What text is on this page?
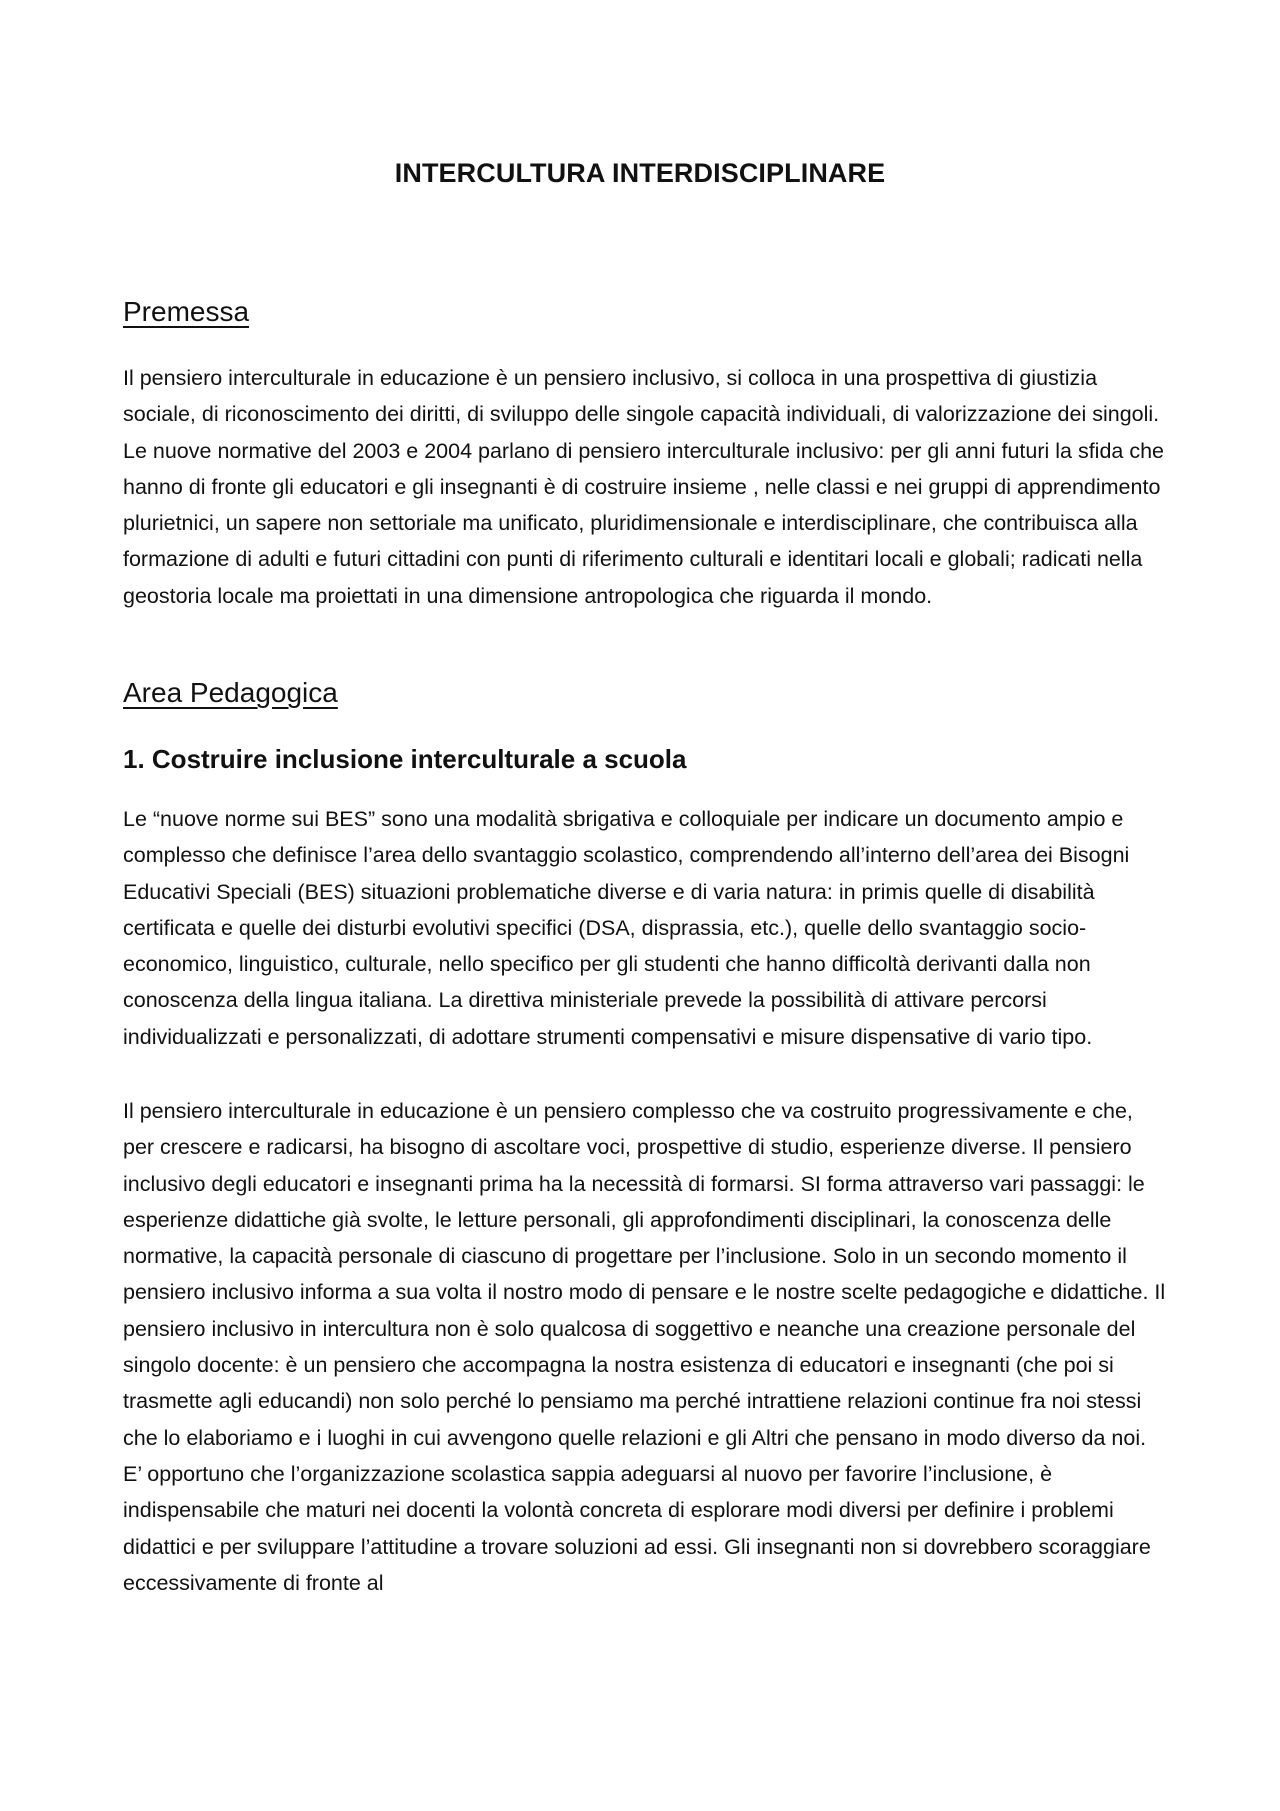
INTERCULTURA INTERDISCIPLINARE
Premessa

Il pensiero interculturale in educazione è un pensiero inclusivo, si colloca in una prospettiva di giustizia sociale, di riconoscimento dei diritti, di sviluppo delle singole capacità individuali, di valorizzazione dei singoli. Le nuove normative del 2003 e 2004 parlano di pensiero interculturale inclusivo: per gli anni futuri la sfida che hanno di fronte gli educatori e gli insegnanti è di costruire insieme , nelle classi e nei gruppi di apprendimento plurietnici, un sapere non settoriale ma unificato, pluridimensionale e interdisciplinare, che contribuisca alla formazione di adulti e futuri cittadini con punti di riferimento culturali e identitari locali e globali; radicati nella geostoria locale ma proiettati in una dimensione antropologica che riguarda il mondo.

Area Pedagogica
1. Costruire inclusione interculturale a scuola

Le “nuove norme sui BES” sono una modalità sbrigativa e colloquiale per indicare un documento ampio e complesso che definisce l’area dello svantaggio scolastico, comprendendo all’interno dell’area dei Bisogni Educativi Speciali (BES) situazioni problematiche diverse e di varia natura: in primis quelle di disabilità certificata e quelle dei disturbi evolutivi specifici (DSA, disprassia, etc.), quelle dello svantaggio socio-economico, linguistico, culturale, nello specifico per gli studenti che hanno difficoltà derivanti dalla non conoscenza della lingua italiana. La direttiva ministeriale prevede la possibilità di attivare percorsi individualizzati e personalizzati, di adottare strumenti compensativi e misure dispensative di vario tipo.

Il pensiero interculturale in educazione è un pensiero complesso che va costruito progressivamente e che, per crescere e radicarsi, ha bisogno di ascoltare voci, prospettive di studio, esperienze diverse. Il pensiero inclusivo degli educatori e insegnanti prima ha la necessità di formarsi. SI forma attraverso vari passaggi: le esperienze didattiche già svolte, le letture personali, gli approfondimenti disciplinari, la conoscenza delle normative, la capacità personale di ciascuno di progettare per l’inclusione. Solo in un secondo momento il pensiero inclusivo informa a sua volta il nostro modo di pensare e le nostre scelte pedagogiche e didattiche. Il pensiero inclusivo in intercultura non è solo qualcosa di soggettivo e neanche una creazione personale del singolo docente: è un pensiero che accompagna la nostra esistenza di educatori e insegnanti (che poi si trasmette agli educandi) non solo perché lo pensiamo ma perché intrattiene relazioni continue fra noi stessi che lo elaboriamo e i luoghi in cui avvengono quelle relazioni e gli Altri che pensano in modo diverso da noi. E’ opportuno che l’organizzazione scolastica sappia adeguarsi al nuovo per favorire l’inclusione, è indispensabile che maturi nei docenti la volontà concreta di esplorare modi diversi per definire i problemi didattici e per sviluppare l’attitudine a trovare soluzioni ad essi. Gli insegnanti non si dovrebbero scoraggiare eccessivamente di fronte al
